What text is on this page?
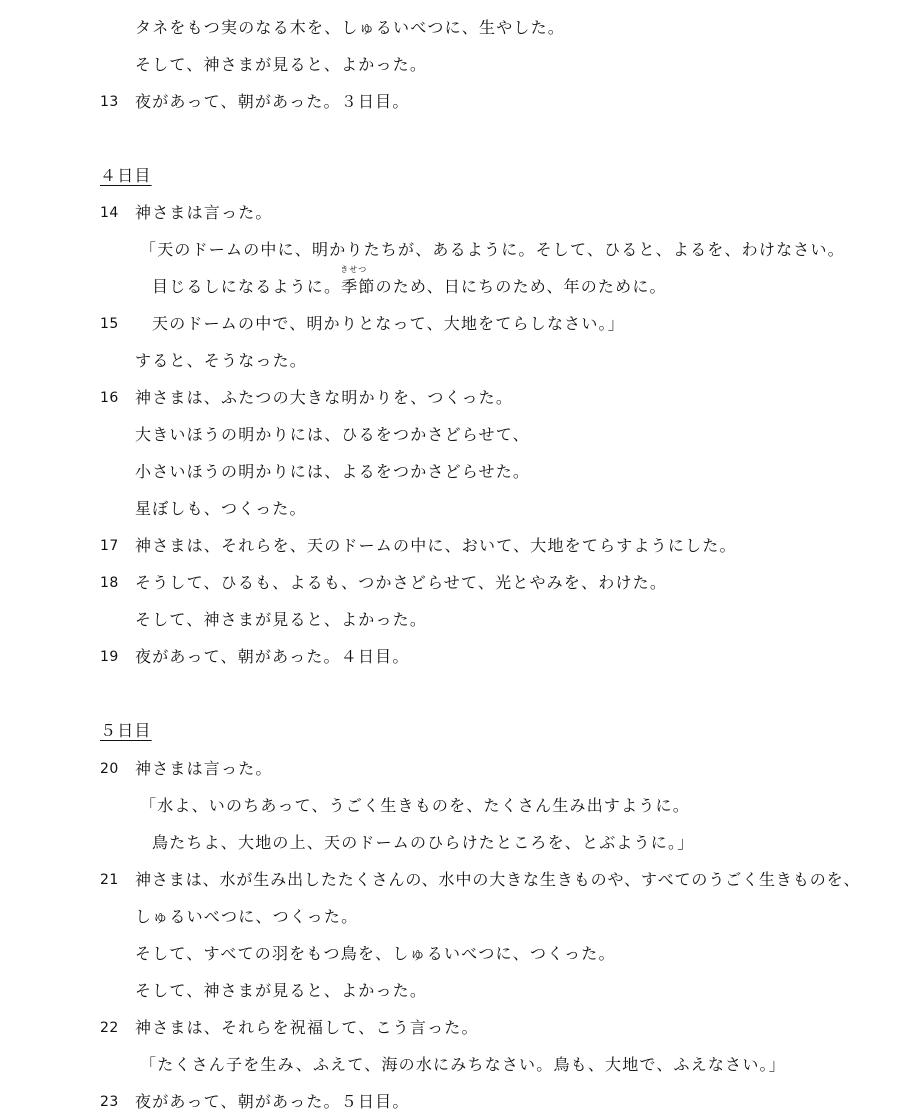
タネをもつ実のなる木を、しゅるいべつに、生やした。
そして、神さまが見ると、よかった。
13 夜があって、朝があった。３日目。
４日目
14 神さまは言った。
「天のドームの中に、明かりたちが、あるように。そして、ひると、よるを、わけなさい。
目じるしになるように。
きせつ
季節のため、日にちのため、年のために。
15 天のドームの中で、明かりとなって、大地をてらしなさい。」
すると、そうなった。
16 神さまは、ふたつの大きな明かりを、つくった。
大きいほうの明かりには、ひるをつかさどらせて、
小さいほうの明かりには、よるをつかさどらせた。
星ぼしも、つくった。
17 神さまは、それらを、天のドームの中に、おいて、大地をてらすようにした。
18 そうして、ひるも、よるも、つかさどらせて、光とやみを、わけた。
そして、神さまが見ると、よかった。
19 夜があって、朝があった。４日目。
５日目
20 神さまは言った。
「水よ、いのちあって、うごく生きものを、たくさん生み出すように。
鳥たちよ、大地の上、天のドームのひらけたところを、とぶように。」
21 神さまは、水が生み出したたくさんの、水中の大きな生きものや、すべてのうごく生きものを、
しゅるいべつに、つくった。
そして、すべての羽をもつ鳥を、しゅるいべつに、つくった。
そして、神さまが見ると、よかった。
22 神さまは、それらを祝福して、こう言った。
「たくさん子を生み、ふえて、海の水にみちなさい。鳥も、大地で、ふえなさい。」
23 夜があって、朝があった。５日目。
